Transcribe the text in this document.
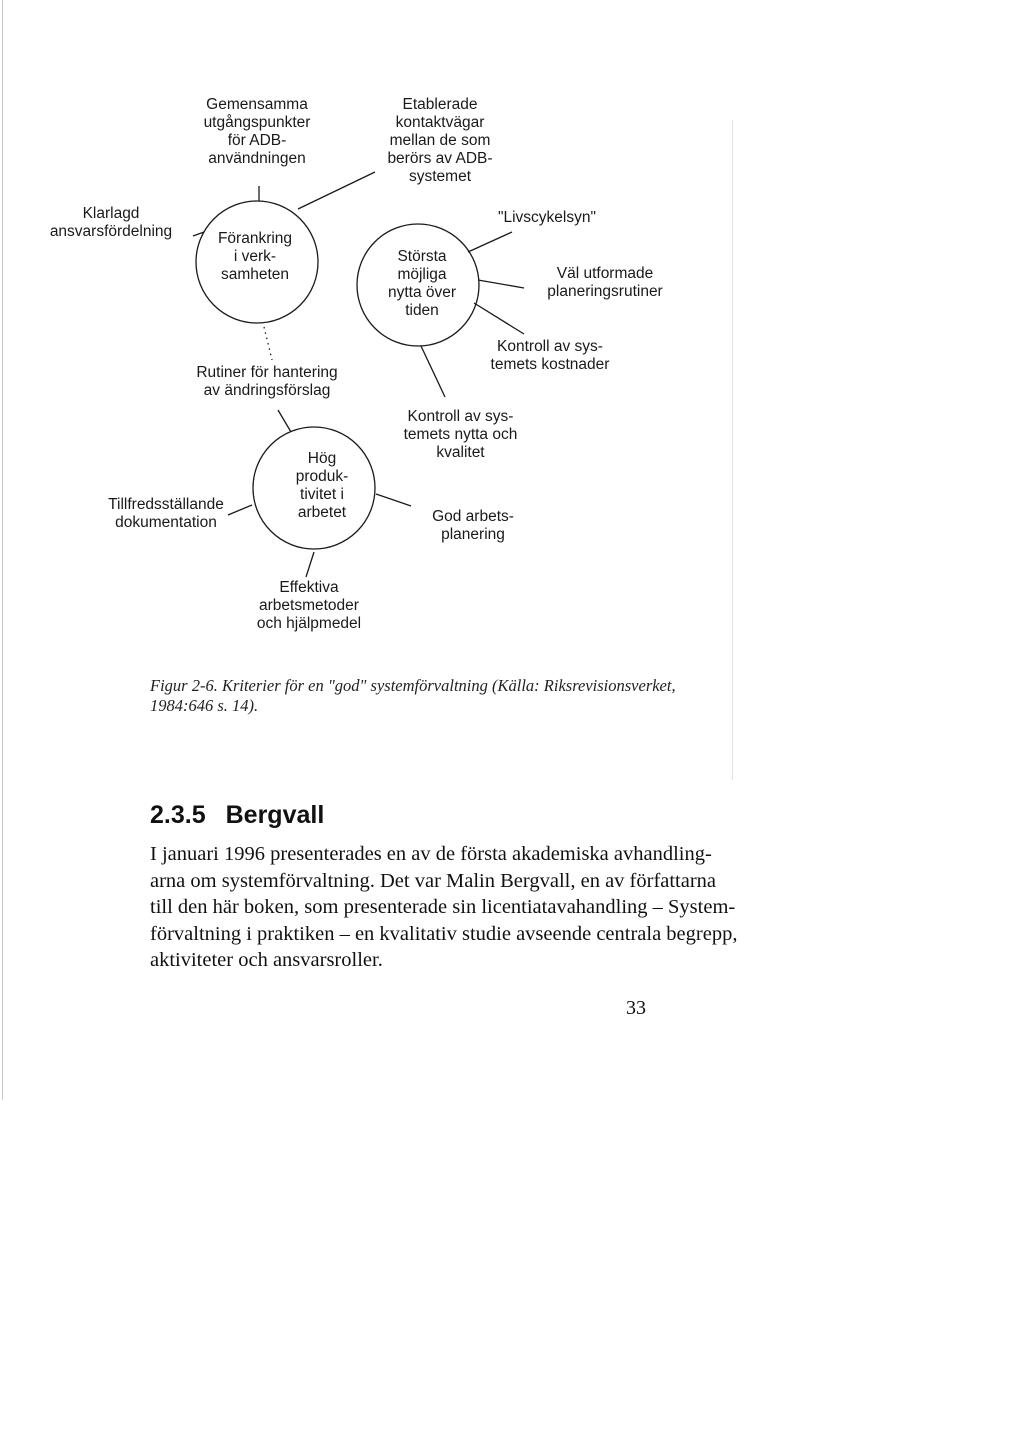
Gemensamma
utgångspunkter
för ADB-
användningen
Etablerade
kontaktvägar
mellan de som
berörs av ADB-
systemet
Klarlagd
ansvarsfördelning	Förankring
i verk-
samheten
"Livscykelsyn"
Största
möjliga
nytta över
tiden
Väl utformade
planeringsrutiner
Kontroll av sys-
temets kostnader
Rutiner för hantering
av ändringsförslag
Kontroll av sys-
temets nytta och
kvalitet
Hög
produk-
tivitet i
arbetet
Tillfredsställande
dokumentation	God arbets-
planering
Effektiva
arbetsmetoder
och hjälpmedel
Figur 2-6. Kriterier för en "god" systemförvaltning (Källa: Riksrevisionsverket,
1984:646 s. 14).
2.3.5 Bergvall
I januari 1996 presenterades en av de första akademiska avhandling-
arna om systemförvaltning. Det var Malin Bergvall, en av författarna
till den här boken, som presenterade sin licentiatavahandling – System-
förvaltning i praktiken – en kvalitativ studie avseende centrala begrepp,
aktiviteter och ansvarsroller.
33
